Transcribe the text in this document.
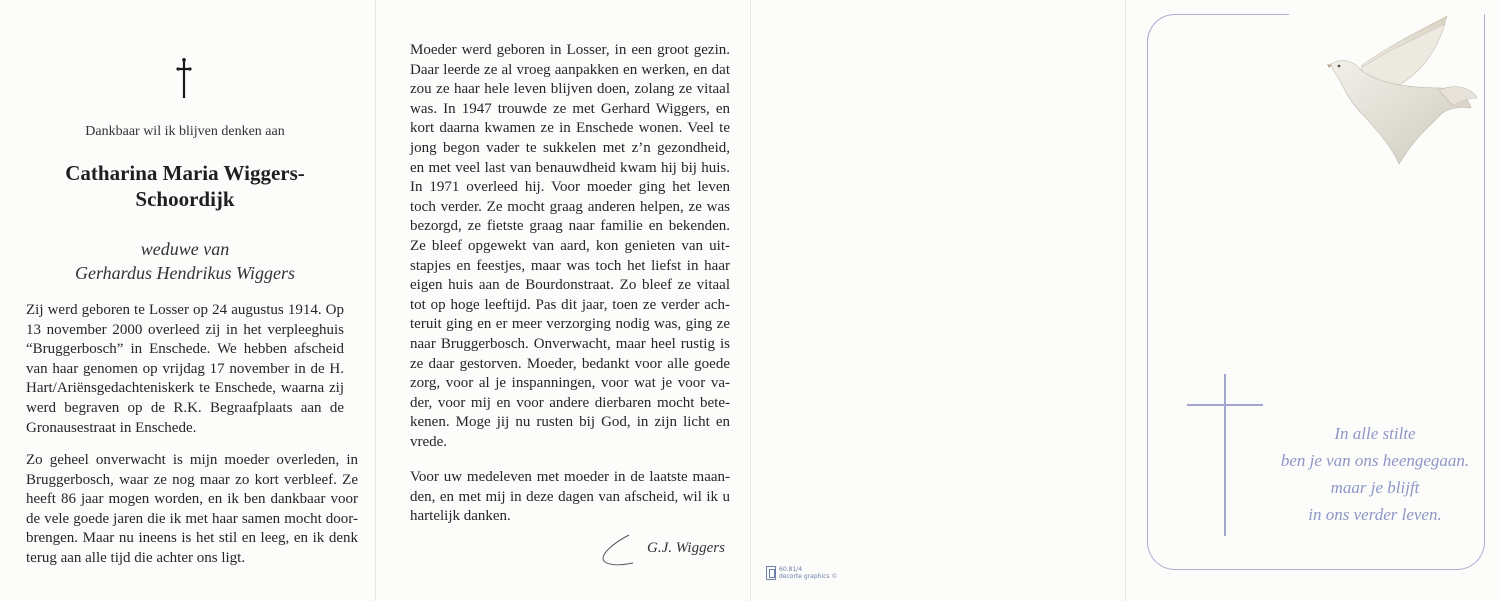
Dankbaar wil ik blijven denken aan
Catharina Maria Wiggers-
Schoordijk
weduwe van
Gerhardus Hendrikus Wiggers
Zij werd geboren te Losser op 24 augustus 1914. Op
13 november 2000 overleed zij in het verpleeghuis
“Bruggerbosch” in Enschede. We hebben afscheid
van haar genomen op vrijdag 17 november in de H.
Hart/Ariënsgedachteniskerk te Enschede, waarna zij
werd begraven op de R.K. Begraafplaats aan de
Gronausestraat in Enschede.
Zo geheel onverwacht is mijn moeder overleden, in
Bruggerbosch, waar ze nog maar zo kort verbleef. Ze
heeft 86 jaar mogen worden, en ik ben dankbaar voor
de vele goede jaren die ik met haar samen mocht door-
brengen. Maar nu ineens is het stil en leeg, en ik denk
terug aan alle tijd die achter ons ligt.
Moeder werd geboren in Losser, in een groot gezin.
Daar leerde ze al vroeg aanpakken en werken, en dat
zou ze haar hele leven blijven doen, zolang ze vitaal
was. In 1947 trouwde ze met Gerhard Wiggers, en
kort daarna kwamen ze in Enschede wonen. Veel te
jong begon vader te sukkelen met z’n gezondheid,
en met veel last van benauwdheid kwam hij bij huis.
In 1971 overleed hij. Voor moeder ging het leven
toch verder. Ze mocht graag anderen helpen, ze was
bezorgd, ze fietste graag naar familie en bekenden.
Ze bleef opgewekt van aard, kon genieten van uit-
stapjes en feestjes, maar was toch het liefst in haar
eigen huis aan de Bourdonstraat. Zo bleef ze vitaal
tot op hoge leeftijd. Pas dit jaar, toen ze verder ach-
teruit ging en er meer verzorging nodig was, ging ze
naar Bruggerbosch. Onverwacht, maar heel rustig is
ze daar gestorven. Moeder, bedankt voor alle goede
zorg, voor al je inspanningen, voor wat je voor va-
der, voor mij en voor andere dierbaren mocht bete-
kenen. Moge jij nu rusten bij God, in zijn licht en
vrede.
Voor uw medeleven met moeder in de laatste maan-
den, en met mij in deze dagen van afscheid, wil ik u
hartelijk danken.
G.J. Wiggers
60.81/4
decorte graphics ©
In alle stilte
ben je van ons heengegaan.
maar je blijft
in ons verder leven.
